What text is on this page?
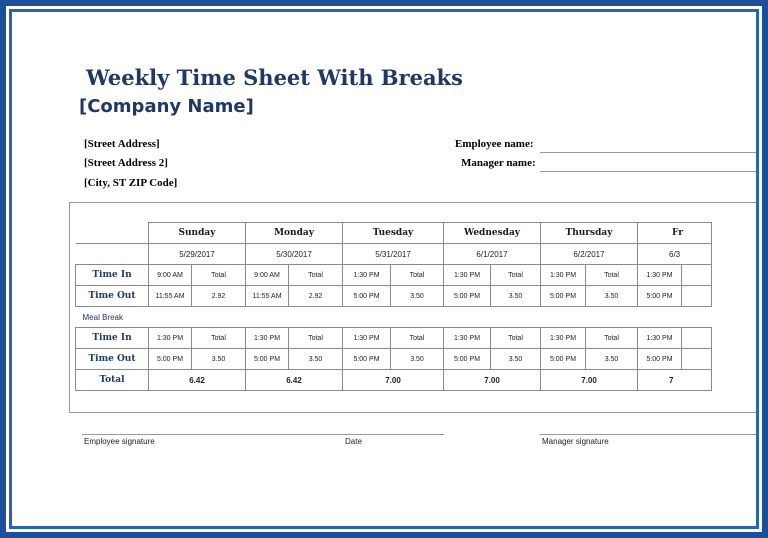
Weekly Time Sheet With Breaks
[Company Name]
[Street Address]
[Street Address 2]
[City, ST ZIP Code]
Employee name:
Manager name:
	Sunday		Monday		Tuesday		Wednesday		Thursday		Fr	
	5/29/2017		5/30/2017		5/31/2017		6/1/2017		6/2/2017		6/3	
Time In	9:00 AM	Total	9:00 AM	Total	1:30 PM	Total	1:30 PM	Total	1:30 PM	Total	1:30 PM	
Time Out	11:55 AM	2.92	11:55 AM	2.92	5:00 PM	3.50	5:00 PM	3.50	5:00 PM	3.50	5:00 PM	
Meal Break												
Time In	1:30 PM	Total	1:30 PM	Total	1:30 PM	Total	1:30 PM	Total	1:30 PM	Total	1:30 PM	
Time Out	5:00 PM	3.50	5:00 PM	3.50	5:00 PM	3.50	5:00 PM	3.50	5:00 PM	3.50	5:00 PM	
Total	6.42		6.42		7.00		7.00		7.00		7	
Employee signature	Date	Manager signature
